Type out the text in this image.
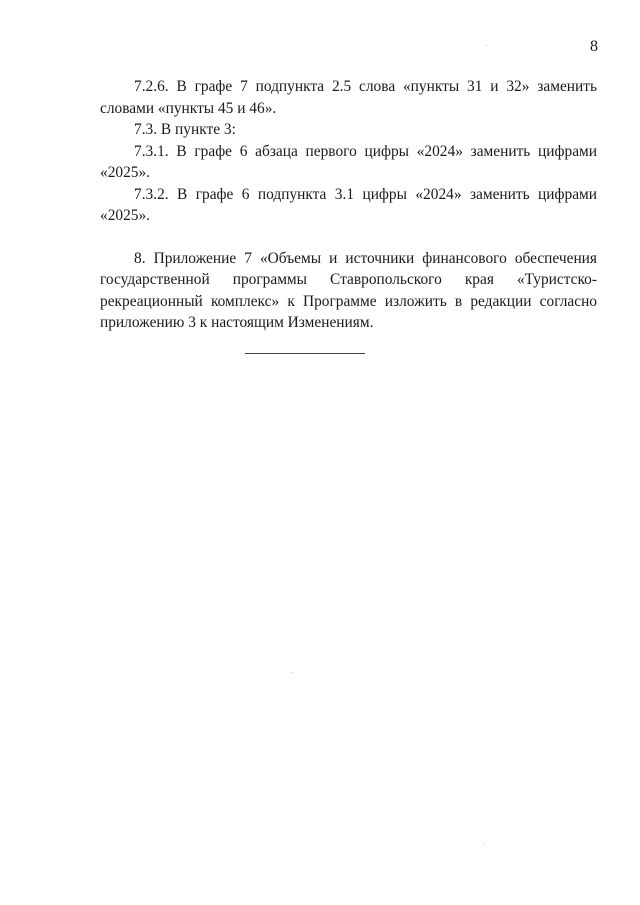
8

7.2.6. В графе 7 подпункта 2.5 слова «пункты 31 и 32» заменить словами «пункты 45 и 46».

7.3. В пункте 3:

7.3.1. В графе 6 абзаца первого цифры «2024» заменить цифрами «2025».

7.3.2. В графе 6 подпункта 3.1 цифры «2024» заменить цифрами «2025».

8. Приложение 7 «Объемы и источники финансового обеспечения государственной программы Ставропольского края «Туристско-рекреационный комплекс» к Программе изложить в редакции согласно приложению 3 к настоящим Изменениям.
